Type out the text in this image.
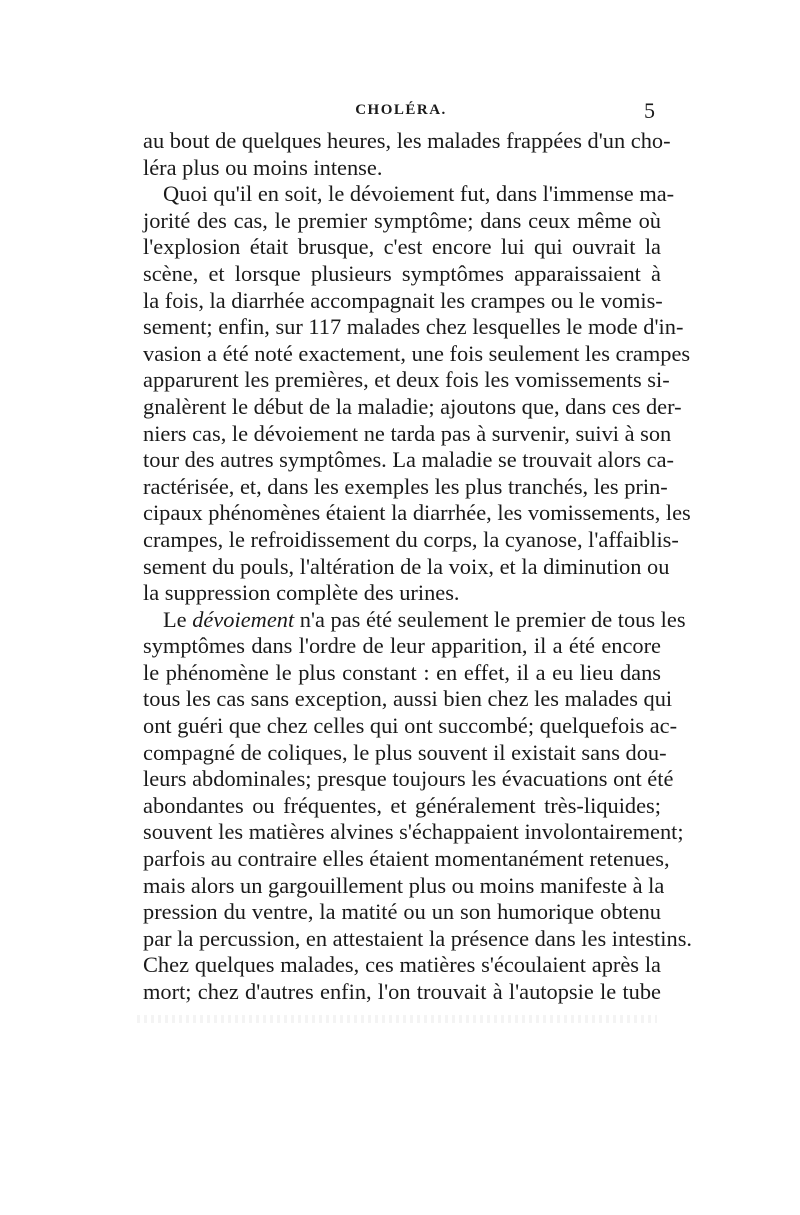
CHOLÉRA.	5
au bout de quelques heures, les malades frappées d'un cho-
léra plus ou moins intense.
Quoi qu'il en soit, le dévoiement fut, dans l'immense ma-
jorité des cas, le premier symptôme; dans ceux même où
l'explosion était brusque, c'est encore lui qui ouvrait la
scène, et lorsque plusieurs symptômes apparaissaient à
la fois, la diarrhée accompagnait les crampes ou le vomis-
sement; enfin, sur 117 malades chez lesquelles le mode d'in-
vasion a été noté exactement, une fois seulement les crampes
apparurent les premières, et deux fois les vomissements si-
gnalèrent le début de la maladie; ajoutons que, dans ces der-
niers cas, le dévoiement ne tarda pas à survenir, suivi à son
tour des autres symptômes. La maladie se trouvait alors ca-
ractérisée, et, dans les exemples les plus tranchés, les prin-
cipaux phénomènes étaient la diarrhée, les vomissements, les
crampes, le refroidissement du corps, la cyanose, l'affaiblis-
sement du pouls, l'altération de la voix, et la diminution ou
la suppression complète des urines.
Le dévoiement n'a pas été seulement le premier de tous les
symptômes dans l'ordre de leur apparition, il a été encore
le phénomène le plus constant : en effet, il a eu lieu dans
tous les cas sans exception, aussi bien chez les malades qui
ont guéri que chez celles qui ont succombé; quelquefois ac-
compagné de coliques, le plus souvent il existait sans dou-
leurs abdominales; presque toujours les évacuations ont été
abondantes ou fréquentes, et généralement très-liquides;
souvent les matières alvines s'échappaient involontairement;
parfois au contraire elles étaient momentanément retenues,
mais alors un gargouillement plus ou moins manifeste à la
pression du ventre, la matité ou un son humorique obtenu
par la percussion, en attestaient la présence dans les intestins.
Chez quelques malades, ces matières s'écoulaient après la
mort; chez d'autres enfin, l'on trouvait à l'autopsie le tube
